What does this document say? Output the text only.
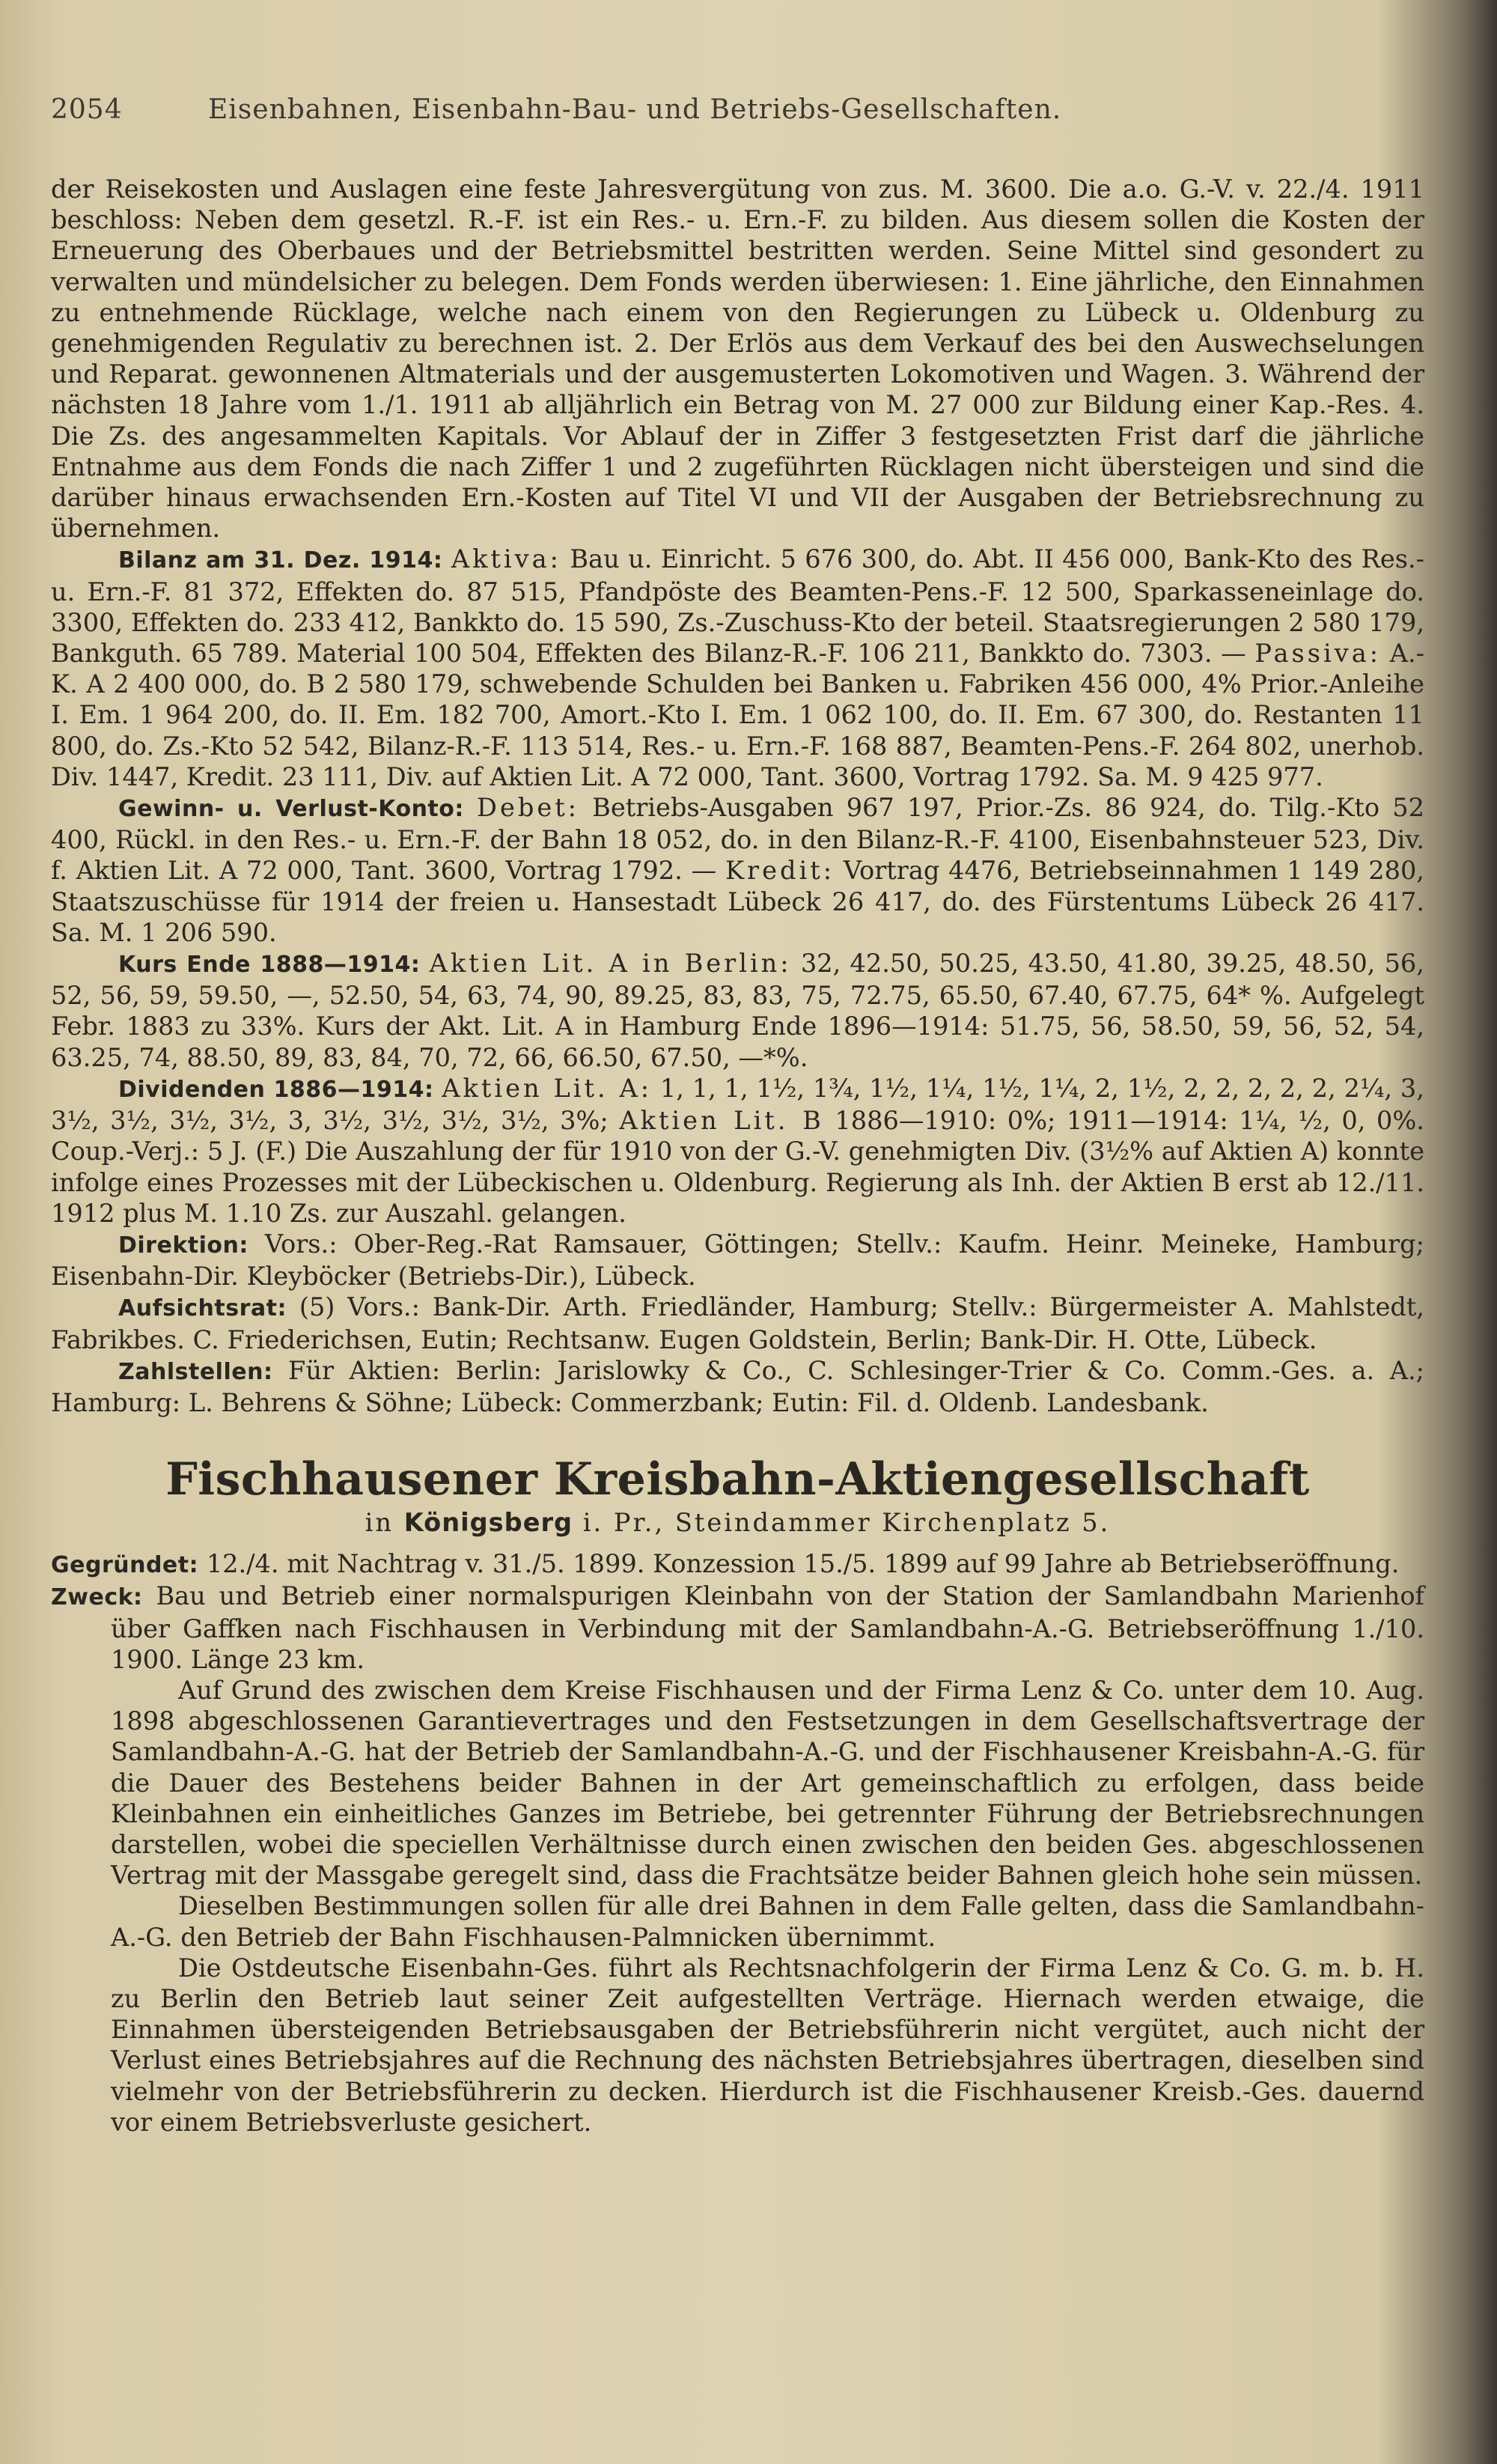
2054	Eisenbahnen, Eisenbahn-Bau- und Betriebs-Gesellschaften.

der Reisekosten und Auslagen eine feste Jahresvergütung von zus. M. 3600. Die a.o. G.-V. v. 22./4. 1911 beschloss: Neben dem gesetzl. R.-F. ist ein Res.- u. Ern.-F. zu bilden. Aus diesem sollen die Kosten der Erneuerung des Oberbaues und der Betriebsmittel bestritten werden. Seine Mittel sind gesondert zu verwalten und mündelsicher zu belegen. Dem Fonds werden überwiesen: 1. Eine jährliche, den Einnahmen zu entnehmende Rücklage, welche nach einem von den Regierungen zu Lübeck u. Oldenburg zu genehmigenden Regulativ zu berechnen ist. 2. Der Erlös aus dem Verkauf des bei den Auswechselungen und Reparat. gewonnenen Altmaterials und der ausgemusterten Lokomotiven und Wagen. 3. Während der nächsten 18 Jahre vom 1./1. 1911 ab alljährlich ein Betrag von M. 27 000 zur Bildung einer Kap.-Res. 4. Die Zs. des angesammelten Kapitals. Vor Ablauf der in Ziffer 3 festgesetzten Frist darf die jährliche Entnahme aus dem Fonds die nach Ziffer 1 und 2 zugeführten Rücklagen nicht übersteigen und sind die darüber hinaus erwachsenden Ern.-Kosten auf Titel VI und VII der Ausgaben der Betriebsrechnung zu übernehmen.

Bilanz am 31. Dez. 1914: Aktiva: Bau u. Einricht. 5 676 300, do. Abt. II 456 000, Bank-Kto des Res.- u. Ern.-F. 81 372, Effekten do. 87 515, Pfandpöste des Beamten-Pens.-F. 12 500, Sparkasseneinlage do. 3300, Effekten do. 233 412, Bankkto do. 15 590, Zs.-Zuschuss-Kto der beteil. Staatsregierungen 2 580 179, Bankguth. 65 789. Material 100 504, Effekten des Bilanz-R.-F. 106 211, Bankkto do. 7303. — Passiva: A.-K. A 2 400 000, do. B 2 580 179, schwebende Schulden bei Banken u. Fabriken 456 000, 4% Prior.-Anleihe I. Em. 1 964 200, do. II. Em. 182 700, Amort.-Kto I. Em. 1 062 100, do. II. Em. 67 300, do. Restanten 11 800, do. Zs.-Kto 52 542, Bilanz-R.-F. 113 514, Res.- u. Ern.-F. 168 887, Beamten-Pens.-F. 264 802, unerhob. Div. 1447, Kredit. 23 111, Div. auf Aktien Lit. A 72 000, Tant. 3600, Vortrag 1792. Sa. M. 9 425 977.

Gewinn- u. Verlust-Konto: Debet: Betriebs-Ausgaben 967 197, Prior.-Zs. 86 924, do. Tilg.-Kto 52 400, Rückl. in den Res.- u. Ern.-F. der Bahn 18 052, do. in den Bilanz-R.-F. 4100, Eisenbahnsteuer 523, Div. f. Aktien Lit. A 72 000, Tant. 3600, Vortrag 1792. — Kredit: Vortrag 4476, Betriebseinnahmen 1 149 280, Staatszuschüsse für 1914 der freien u. Hansestadt Lübeck 26 417, do. des Fürstentums Lübeck 26 417. Sa. M. 1 206 590.

Kurs Ende 1888—1914: Aktien Lit. A in Berlin: 32, 42.50, 50.25, 43.50, 41.80, 39.25, 48.50, 56, 52, 56, 59, 59.50, —, 52.50, 54, 63, 74, 90, 89.25, 83, 83, 75, 72.75, 65.50, 67.40, 67.75, 64* %. Aufgelegt Febr. 1883 zu 33%. Kurs der Akt. Lit. A in Hamburg Ende 1896—1914: 51.75, 56, 58.50, 59, 56, 52, 54, 63.25, 74, 88.50, 89, 83, 84, 70, 72, 66, 66.50, 67.50, —*%.

Dividenden 1886—1914: Aktien Lit. A: 1, 1, 1, 1½, 1¾, 1½, 1¼, 1½, 1¼, 2, 1½, 2, 2, 2, 2, 2, 2¼, 3, 3½, 3½, 3½, 3½, 3, 3½, 3½, 3½, 3½, 3%; Aktien Lit. B 1886—1910: 0%; 1911—1914: 1¼, ½, 0, 0%. Coup.-Verj.: 5 J. (F.) Die Auszahlung der für 1910 von der G.-V. genehmigten Div. (3½% auf Aktien A) konnte infolge eines Prozesses mit der Lübeckischen u. Oldenburg. Regierung als Inh. der Aktien B erst ab 12./11. 1912 plus M. 1.10 Zs. zur Auszahl. gelangen.

Direktion: Vors.: Ober-Reg.-Rat Ramsauer, Göttingen; Stellv.: Kaufm. Heinr. Meineke, Hamburg; Eisenbahn-Dir. Kleyböcker (Betriebs-Dir.), Lübeck.

Aufsichtsrat: (5) Vors.: Bank-Dir. Arth. Friedländer, Hamburg; Stellv.: Bürgermeister A. Mahlstedt, Fabrikbes. C. Friederichsen, Eutin; Rechtsanw. Eugen Goldstein, Berlin; Bank-Dir. H. Otte, Lübeck.

Zahlstellen: Für Aktien: Berlin: Jarislowky & Co., C. Schlesinger-Trier & Co. Comm.-Ges. a. A.; Hamburg: L. Behrens & Söhne; Lübeck: Commerzbank; Eutin: Fil. d. Oldenb. Landesbank.

Fischhausener Kreisbahn-Aktiengesellschaft
in Königsberg i. Pr., Steindammer Kirchenplatz 5.

Gegründet: 12./4. mit Nachtrag v. 31./5. 1899. Konzession 15./5. 1899 auf 99 Jahre ab Betriebseröffnung.

Zweck: Bau und Betrieb einer normalspurigen Kleinbahn von der Station der Samlandbahn Marienhof über Gaffken nach Fischhausen in Verbindung mit der Samlandbahn-A.-G. Betriebseröffnung 1./10. 1900. Länge 23 km.

Auf Grund des zwischen dem Kreise Fischhausen und der Firma Lenz & Co. unter dem 10. Aug. 1898 abgeschlossenen Garantievertrages und den Festsetzungen in dem Gesellschaftsvertrage der Samlandbahn-A.-G. hat der Betrieb der Samlandbahn-A.-G. und der Fischhausener Kreisbahn-A.-G. für die Dauer des Bestehens beider Bahnen in der Art gemeinschaftlich zu erfolgen, dass beide Kleinbahnen ein einheitliches Ganzes im Betriebe, bei getrennter Führung der Betriebsrechnungen darstellen, wobei die speciellen Verhältnisse durch einen zwischen den beiden Ges. abgeschlossenen Vertrag mit der Massgabe geregelt sind, dass die Frachtsätze beider Bahnen gleich hohe sein müssen.

Dieselben Bestimmungen sollen für alle drei Bahnen in dem Falle gelten, dass die Samlandbahn-A.-G. den Betrieb der Bahn Fischhausen-Palmnicken übernimmt.

Die Ostdeutsche Eisenbahn-Ges. führt als Rechtsnachfolgerin der Firma Lenz & Co. G. m. b. H. zu Berlin den Betrieb laut seiner Zeit aufgestellten Verträge. Hiernach werden etwaige, die Einnahmen übersteigenden Betriebsausgaben der Betriebsführerin nicht vergütet, auch nicht der Verlust eines Betriebsjahres auf die Rechnung des nächsten Betriebsjahres übertragen, dieselben sind vielmehr von der Betriebsführerin zu decken. Hierdurch ist die Fischhausener Kreisb.-Ges. dauernd vor einem Betriebsverluste gesichert.
